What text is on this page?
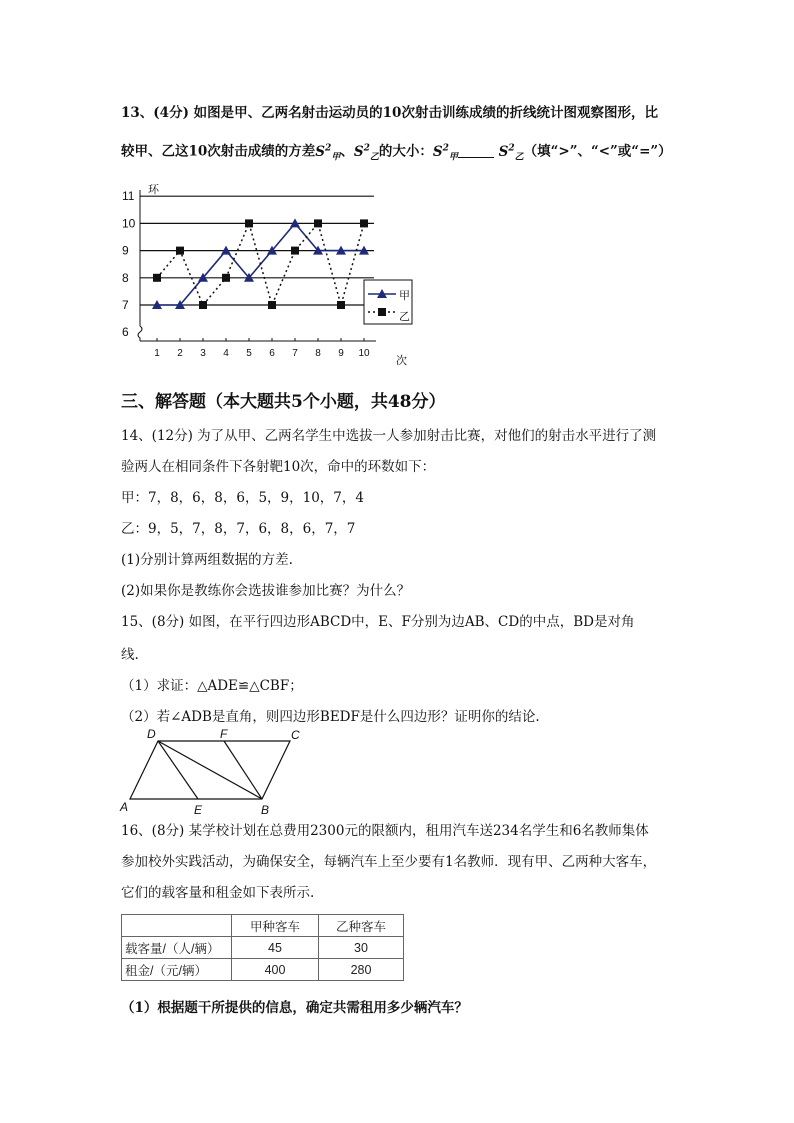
13、(4分) 如图是甲、乙两名射击运动员的10次射击训练成绩的折线统计图观察图形，比
较甲、乙这10次射击成绩的方差$S^2_甲$、$S^2_乙$的大小：$S^2_甲$	$S^2_乙$（填“>”、“<”或“=”）
6
7
8
9
10
11
1 2 3 4 5 6 7 8 9 10
环
次
甲
乙
三、解答题（本大题共5个小题，共48分）
14、(12分) 为了从甲、乙两名学生中选拔一人参加射击比赛，对他们的射击水平进行了测
验两人在相同条件下各射靶10次，命中的环数如下：
甲：7，8，6，8，6，5，9，10，7，4
乙：9，5，7，8，7，6，8，6，7，7
(1)分别计算两组数据的方差.
(2)如果你是教练你会选拔谁参加比赛？为什么？
15、(8分) 如图，在平行四边形ABCD中，E、F分别为边AB、CD的中点，BD是对角
线.
（1）求证：△ADE≌△CBF；
（2）若∠ADB是直角，则四边形BEDF是什么四边形？证明你的结论.
D	F	C
A	E	B
16、(8分) 某学校计划在总费用2300元的限额内，租用汽车送234名学生和6名教师集体
参加校外实践活动，为确保安全，每辆汽车上至少要有1名教师．现有甲、乙两种大客车，
它们的载客量和租金如下表所示.
	甲种客车	乙种客车
载客量/（人/辆）	45	30
租金/（元/辆）	400	280
（1）根据题干所提供的信息，确定共需租用多少辆汽车？
